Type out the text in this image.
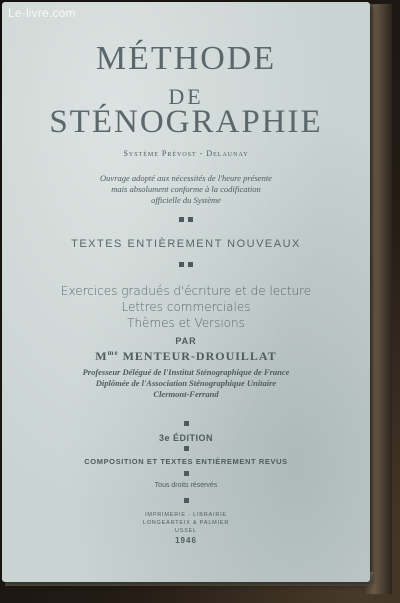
Le-livre.com
MÉTHODE
DE
STÉNOGRAPHIE
Système Prévost - Delaunay
Ouvrage adopté aux nécessités de l'heure présente
mais absolument conforme à la codification
officielle du Système
TEXTES ENTIÈREMENT NOUVEAUX
Exercices gradués d'écriture et de lecture
Lettres commerciales
Thèmes et Versions
PAR
$M^{me}$ MENTEUR-DROUILLAT
Professeur Délégué de l'Institut Sténographique de France
Diplômée de l'Association Sténographique Unitaire
Clermont-Ferrand
3e ÉDITION
COMPOSITION ET TEXTES ENTIÈREMENT REVUS
Tous droits réservés
IMPRIMERIE - LIBRAIRIE
LONGEARTEIX & PALMIER
USSEL
1946
